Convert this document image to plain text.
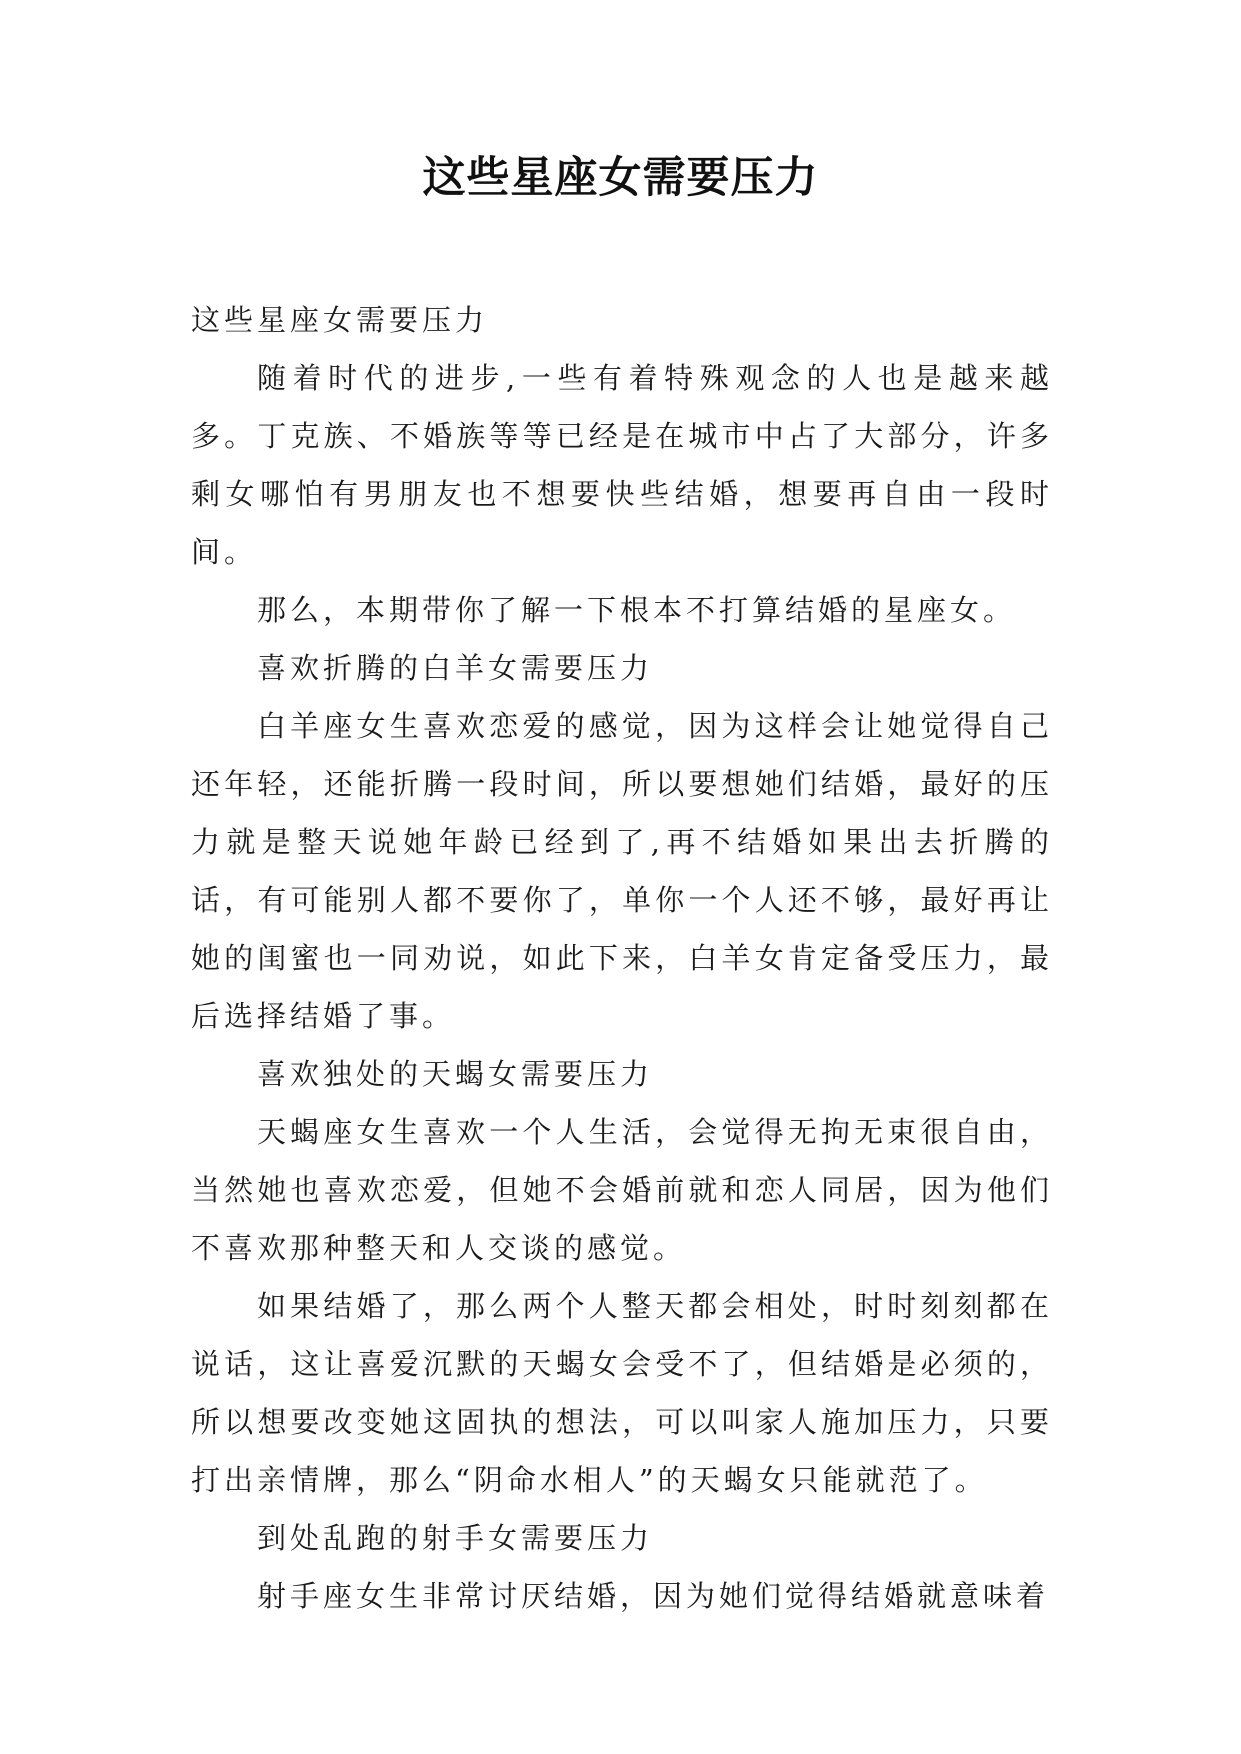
这些星座女需要压力

这些星座女需要压力

随着时代的进步,一些有着特殊观念的人也是越来越多。丁克族、不婚族等等已经是在城市中占了大部分，许多剩女哪怕有男朋友也不想要快些结婚，想要再自由一段时间。

那么，本期带你了解一下根本不打算结婚的星座女。

喜欢折腾的白羊女需要压力

白羊座女生喜欢恋爱的感觉，因为这样会让她觉得自己还年轻，还能折腾一段时间，所以要想她们结婚，最好的压力就是整天说她年龄已经到了,再不结婚如果出去折腾的话，有可能别人都不要你了，单你一个人还不够，最好再让她的闺蜜也一同劝说，如此下来，白羊女肯定备受压力，最后选择结婚了事。

喜欢独处的天蝎女需要压力

天蝎座女生喜欢一个人生活，会觉得无拘无束很自由，当然她也喜欢恋爱，但她不会婚前就和恋人同居，因为他们不喜欢那种整天和人交谈的感觉。

如果结婚了，那么两个人整天都会相处，时时刻刻都在说话，这让喜爱沉默的天蝎女会受不了，但结婚是必须的，所以想要改变她这固执的想法，可以叫家人施加压力，只要打出亲情牌，那么“阴命水相人”的天蝎女只能就范了。

到处乱跑的射手女需要压力

射手座女生非常讨厌结婚，因为她们觉得结婚就意味着
